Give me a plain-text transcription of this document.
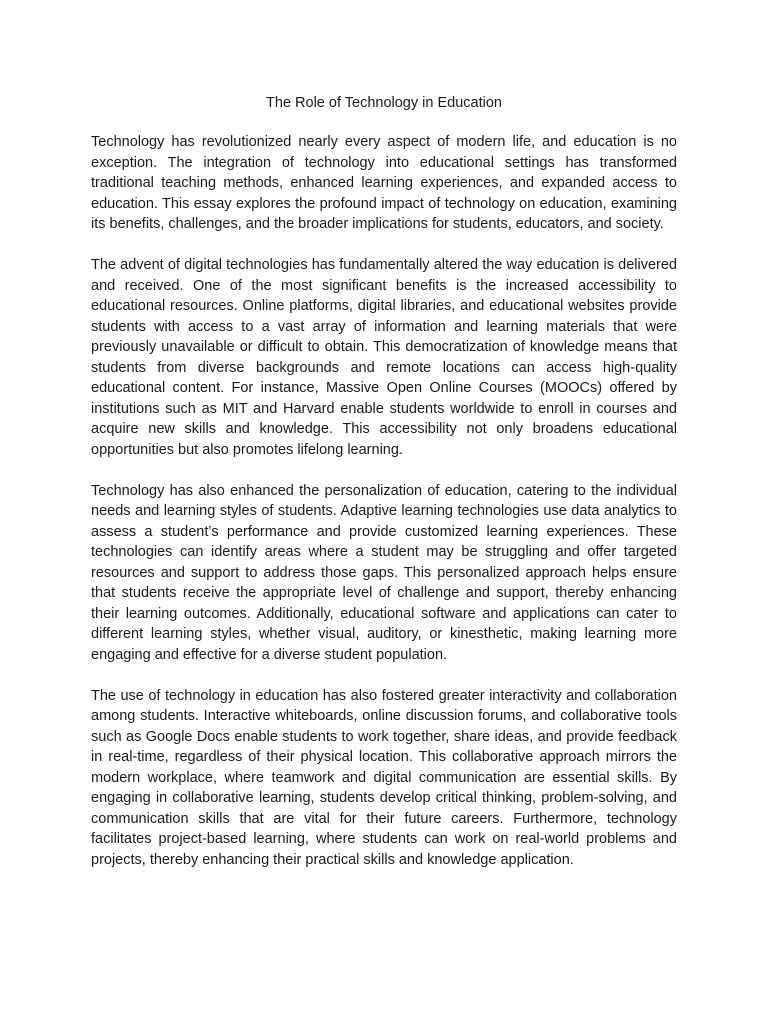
The Role of Technology in Education

Technology has revolutionized nearly every aspect of modern life, and education is no exception. The integration of technology into educational settings has transformed traditional teaching methods, enhanced learning experiences, and expanded access to education. This essay explores the profound impact of technology on education, examining its benefits, challenges, and the broader implications for students, educators, and society.

The advent of digital technologies has fundamentally altered the way education is delivered and received. One of the most significant benefits is the increased accessibility to educational resources. Online platforms, digital libraries, and educational websites provide students with access to a vast array of information and learning materials that were previously unavailable or difficult to obtain. This democratization of knowledge means that students from diverse backgrounds and remote locations can access high-quality educational content. For instance, Massive Open Online Courses (MOOCs) offered by institutions such as MIT and Harvard enable students worldwide to enroll in courses and acquire new skills and knowledge. This accessibility not only broadens educational opportunities but also promotes lifelong learning.

Technology has also enhanced the personalization of education, catering to the individual needs and learning styles of students. Adaptive learning technologies use data analytics to assess a student’s performance and provide customized learning experiences. These technologies can identify areas where a student may be struggling and offer targeted resources and support to address those gaps. This personalized approach helps ensure that students receive the appropriate level of challenge and support, thereby enhancing their learning outcomes. Additionally, educational software and applications can cater to different learning styles, whether visual, auditory, or kinesthetic, making learning more engaging and effective for a diverse student population.

The use of technology in education has also fostered greater interactivity and collaboration among students. Interactive whiteboards, online discussion forums, and collaborative tools such as Google Docs enable students to work together, share ideas, and provide feedback in real-time, regardless of their physical location. This collaborative approach mirrors the modern workplace, where teamwork and digital communication are essential skills. By engaging in collaborative learning, students develop critical thinking, problem-solving, and communication skills that are vital for their future careers. Furthermore, technology facilitates project-based learning, where students can work on real-world problems and projects, thereby enhancing their practical skills and knowledge application.
